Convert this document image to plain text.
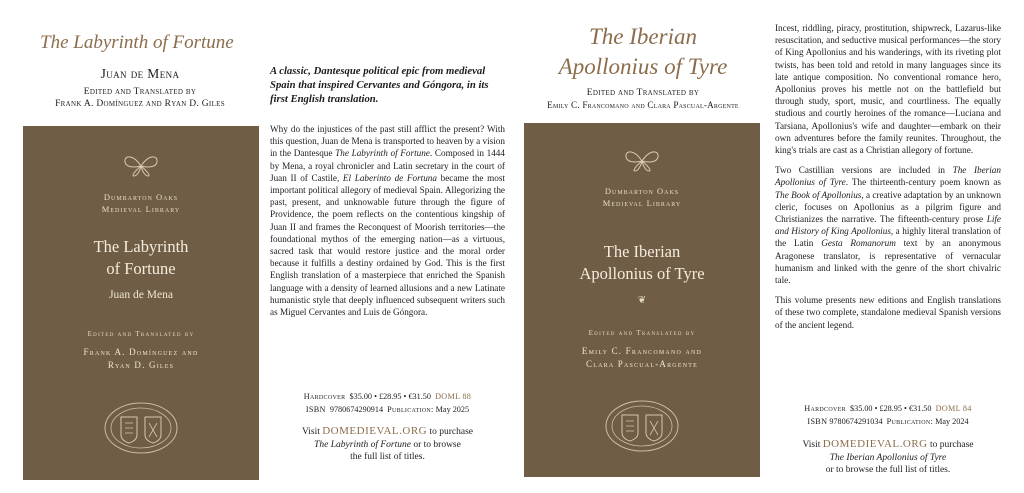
The Labyrinth of Fortune
Juan de Mena
Edited and Translated by
Frank A. Domínguez and Ryan D. Giles
Dumbarton Oaks
Medieval Library
The Labyrinth
of Fortune
Juan de Mena
Edited and Translated by
Frank A. Domínguez and
Ryan D. Giles
A classic, Dantesque political epic from medieval Spain that inspired Cervantes and Góngora, in its first English translation.
Why do the injustices of the past still afflict the present? With this question, Juan de Mena is transported to heaven by a vision in the Dantesque The Labyrinth of Fortune. Composed in 1444 by Mena, a royal chronicler and Latin secretary in the court of Juan II of Castile, El Laberinto de Fortuna became the most important political allegory of medieval Spain. Allegorizing the past, present, and unknowable future through the figure of Providence, the poem reflects on the contentious kingship of Juan II and frames the Reconquest of Moorish territories—the foundational mythos of the emerging nation—as a virtuous, sacred task that would restore justice and the moral order because it fulfills a destiny ordained by God. This is the first English translation of a masterpiece that enriched the Spanish language with a density of learned allusions and a new Latinate humanistic style that deeply influenced subsequent writers such as Miguel Cervantes and Luis de Góngora.
Hardcover $35.00 • £28.95 • €31.50 DOML 88
ISBN 9780674290914 Publication: May 2025
Visit DOMEDIEVAL.ORG to purchase
The Labyrinth of Fortune or to browse
the full list of titles.
The Iberian
Apollonius of Tyre
Edited and Translated by
Emily C. Francomano and Clara Pascual-Argente
Dumbarton Oaks
Medieval Library
The Iberian
Apollonius of Tyre
❦
Edited and Translated by
Emily C. Francomano and
Clara Pascual-Argente

Incest, riddling, piracy, prostitution, shipwreck, Lazarus-like resuscitation, and seductive musical performances—the story of King Apollonius and his wanderings, with its riveting plot twists, has been told and retold in many languages since its late antique composition. No conventional romance hero, Apollonius proves his mettle not on the battlefield but through study, sport, music, and courtliness. The equally studious and courtly heroines of the romance—Luciana and Tarsiana, Apollonius's wife and daughter—embark on their own adventures before the family reunites. Throughout, the king's trials are cast as a Christian allegory of fortune.

Two Castillian versions are included in The Iberian Apollonius of Tyre. The thirteenth-century poem known as The Book of Apollonius, a creative adaptation by an unknown cleric, focuses on Apollonius as a pilgrim figure and Christianizes the narrative. The fifteenth-century prose Life and History of King Apollonius, a highly literal translation of the Latin Gesta Romanorum text by an anonymous Aragonese translator, is representative of vernacular humanism and linked with the genre of the short chivalric tale.

This volume presents new editions and English translations of these two complete, standalone medieval Spanish versions of the ancient legend.

Hardcover $35.00 • £28.95 • €31.50 DOML 84
ISBN 9780674291034 Publication: May 2024
Visit DOMEDIEVAL.ORG to purchase
The Iberian Apollonius of Tyre
or to browse the full list of titles.
